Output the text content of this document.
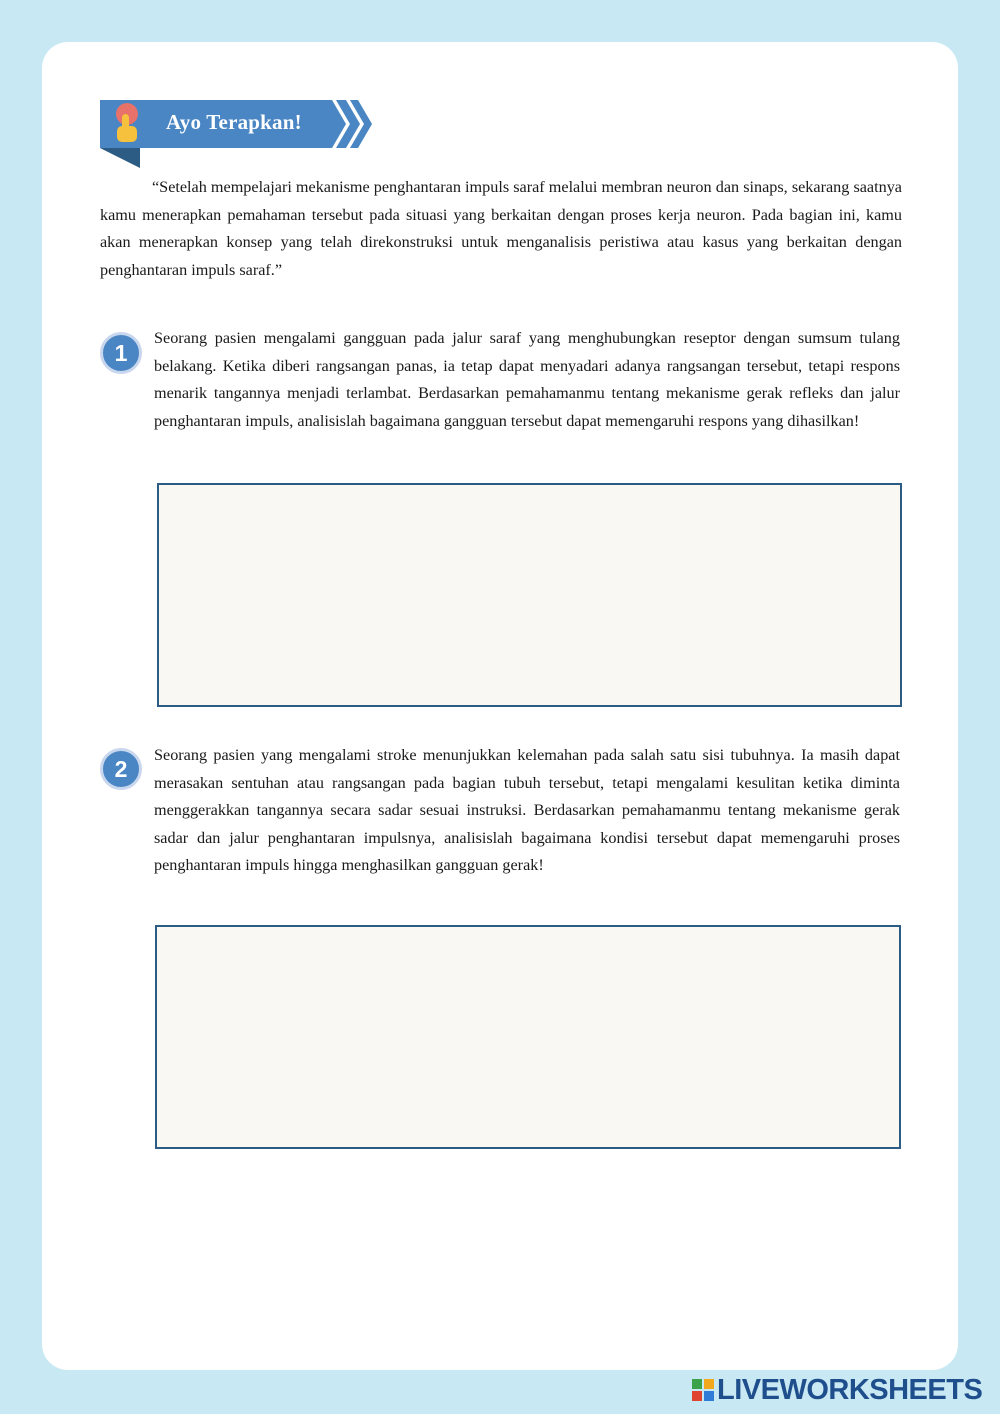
Ayo Terapkan!

“Setelah mempelajari mekanisme penghantaran impuls saraf melalui membran neuron dan sinaps, sekarang saatnya kamu menerapkan pemahaman tersebut pada situasi yang berkaitan dengan proses kerja neuron. Pada bagian ini, kamu akan menerapkan konsep yang telah direkonstruksi untuk menganalisis peristiwa atau kasus yang berkaitan dengan penghantaran impuls saraf.”

1

Seorang pasien mengalami gangguan pada jalur saraf yang menghubungkan reseptor dengan sumsum tulang belakang. Ketika diberi rangsangan panas, ia tetap dapat menyadari adanya rangsangan tersebut, tetapi respons menarik tangannya menjadi terlambat. Berdasarkan pemahamanmu tentang mekanisme gerak refleks dan jalur penghantaran impuls, analisislah bagaimana gangguan tersebut dapat memengaruhi respons yang dihasilkan!

2

Seorang pasien yang mengalami stroke menunjukkan kelemahan pada salah satu sisi tubuhnya. Ia masih dapat merasakan sentuhan atau rangsangan pada bagian tubuh tersebut, tetapi mengalami kesulitan ketika diminta menggerakkan tangannya secara sadar sesuai instruksi. Berdasarkan pemahamanmu tentang mekanisme gerak sadar dan jalur penghantaran impulsnya, analisislah bagaimana kondisi tersebut dapat memengaruhi proses penghantaran impuls hingga menghasilkan gangguan gerak!

LIVEWORKSHEETS
